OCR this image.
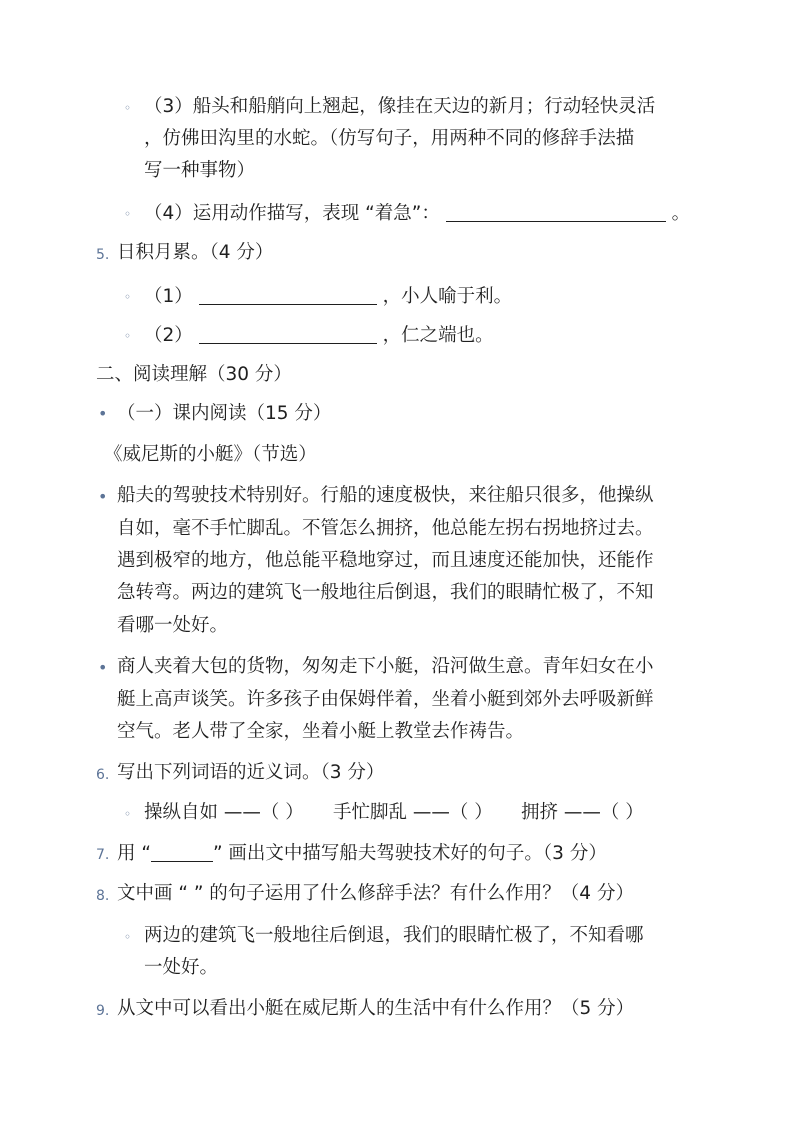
◦ （3）船头和船艄向上翘起，像挂在天边的新月；行动轻快灵活
，仿佛田沟里的水蛇。（仿写句子，用两种不同的修辞手法描
写一种事物）
◦ （4）运用动作描写，表现 “着急”：	。
5. 日积月累。（4 分）
◦ （1）	，小人喻于利。
◦ （2）	，仁之端也。
二、阅读理解（30 分）
• （一）课内阅读（15 分）
《威尼斯的小艇》（节选）
• 船夫的驾驶技术特别好。行船的速度极快，来往船只很多，他操纵
自如，毫不手忙脚乱。不管怎么拥挤，他总能左拐右拐地挤过去。
遇到极窄的地方，他总能平稳地穿过，而且速度还能加快，还能作
急转弯。两边的建筑飞一般地往后倒退，我们的眼睛忙极了，不知
看哪一处好。
• 商人夹着大包的货物，匆匆走下小艇，沿河做生意。青年妇女在小
艇上高声谈笑。许多孩子由保姆伴着，坐着小艇到郊外去呼吸新鲜
空气。老人带了全家，坐着小艇上教堂去作祷告。
6. 写出下列词语的近义词。（3 分）
◦ 操纵自如 ——（ ） 手忙脚乱 ——（ ） 拥挤 ——（ ）
7. 用 “	” 画出文中描写船夫驾驶技术好的句子。（3 分）
8. 文中画 “ ” 的句子运用了什么修辞手法？有什么作用？（4 分）
◦ 两边的建筑飞一般地往后倒退，我们的眼睛忙极了，不知看哪
一处好。
9. 从文中可以看出小艇在威尼斯人的生活中有什么作用？（5 分）
